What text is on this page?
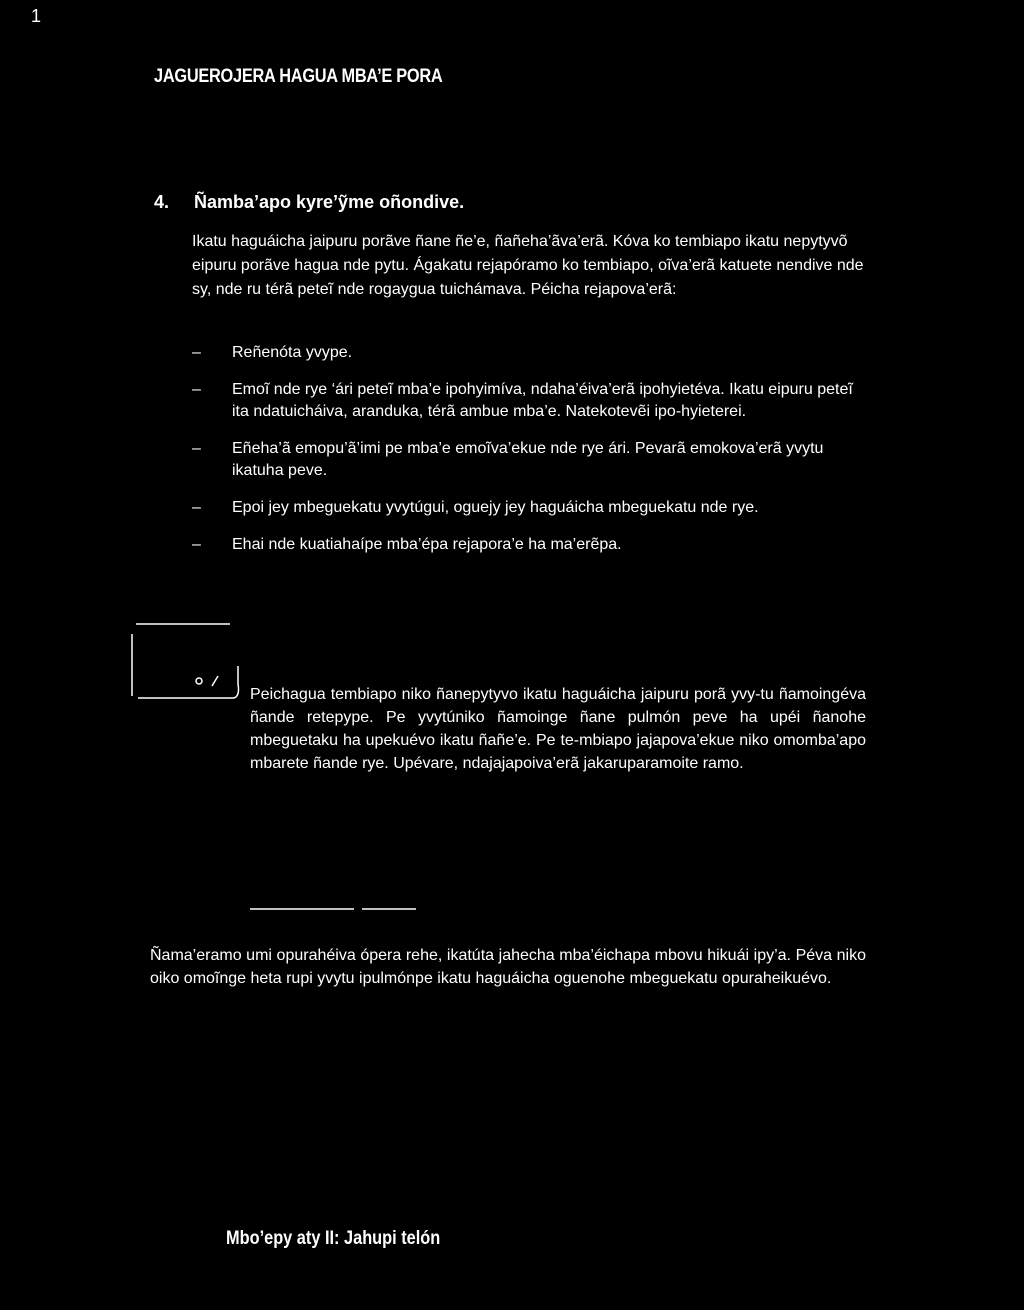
1
JAGUEROJERA HAGUA MBA’E PORA
4. Ñamba’apo kyre’ỹme oñondive.

Ikatu haguáicha jaipuru porãve ñane ñe’e, ñañeha’ãva’erã. Kóva ko tembiapo ikatu nepytyvõ eipuru porãve hagua nde pytu. Ágakatu rejapóramo ko tembiapo, oĩva’erã katuete nendive nde sy, nde ru térã peteĩ nde rogaygua tuichámava. Péicha rejapova’erã:

– Reñenóta yvype.
– Emoĩ nde rye ‘ári peteĩ mba’e ipohyimíva, ndaha’éiva’erã ipohyietéva. Ikatu eipuru peteĩ ita ndatuicháiva, aranduka, térã ambue mba’e. Natekotevẽi ipo-hyieterei.
– Eñeha’ã emopu’ã’imi pe mba’e emoĩva’ekue nde rye ári. Pevarã emokova’erã yvytu ikatuha peve.
– Epoi jey mbeguekatu yvytúgui, oguejy jey haguáicha mbeguekatu nde rye.
– Ehai nde kuatiahaípe mba’épa rejapora’e ha ma’erẽpa.

Peichagua tembiapo niko ñanepytyvo ikatu haguáicha jaipuru porã yvy-tu ñamoingéva ñande retepype. Pe yvytúniko ñamoinge ñane pulmón peve ha upéi ñanohe mbeguetaku ha upekuévo ikatu ñañe’e. Pe te-mbiapo jajapova’ekue niko omomba’apo mbarete ñande rye. Upévare, ndajajapoiva’erã jakaruparamoite ramo.

Ñama’eramo umi opurahéiva ópera rehe, ikatúta jahecha mba’éichapa mbovu hikuái ipy’a. Péva niko oiko omoĩnge heta rupi yvytu ipulmónpe ikatu haguáicha oguenohe mbeguekatu opuraheikuévo.

Mbo’epy aty II: Jahupi telón
